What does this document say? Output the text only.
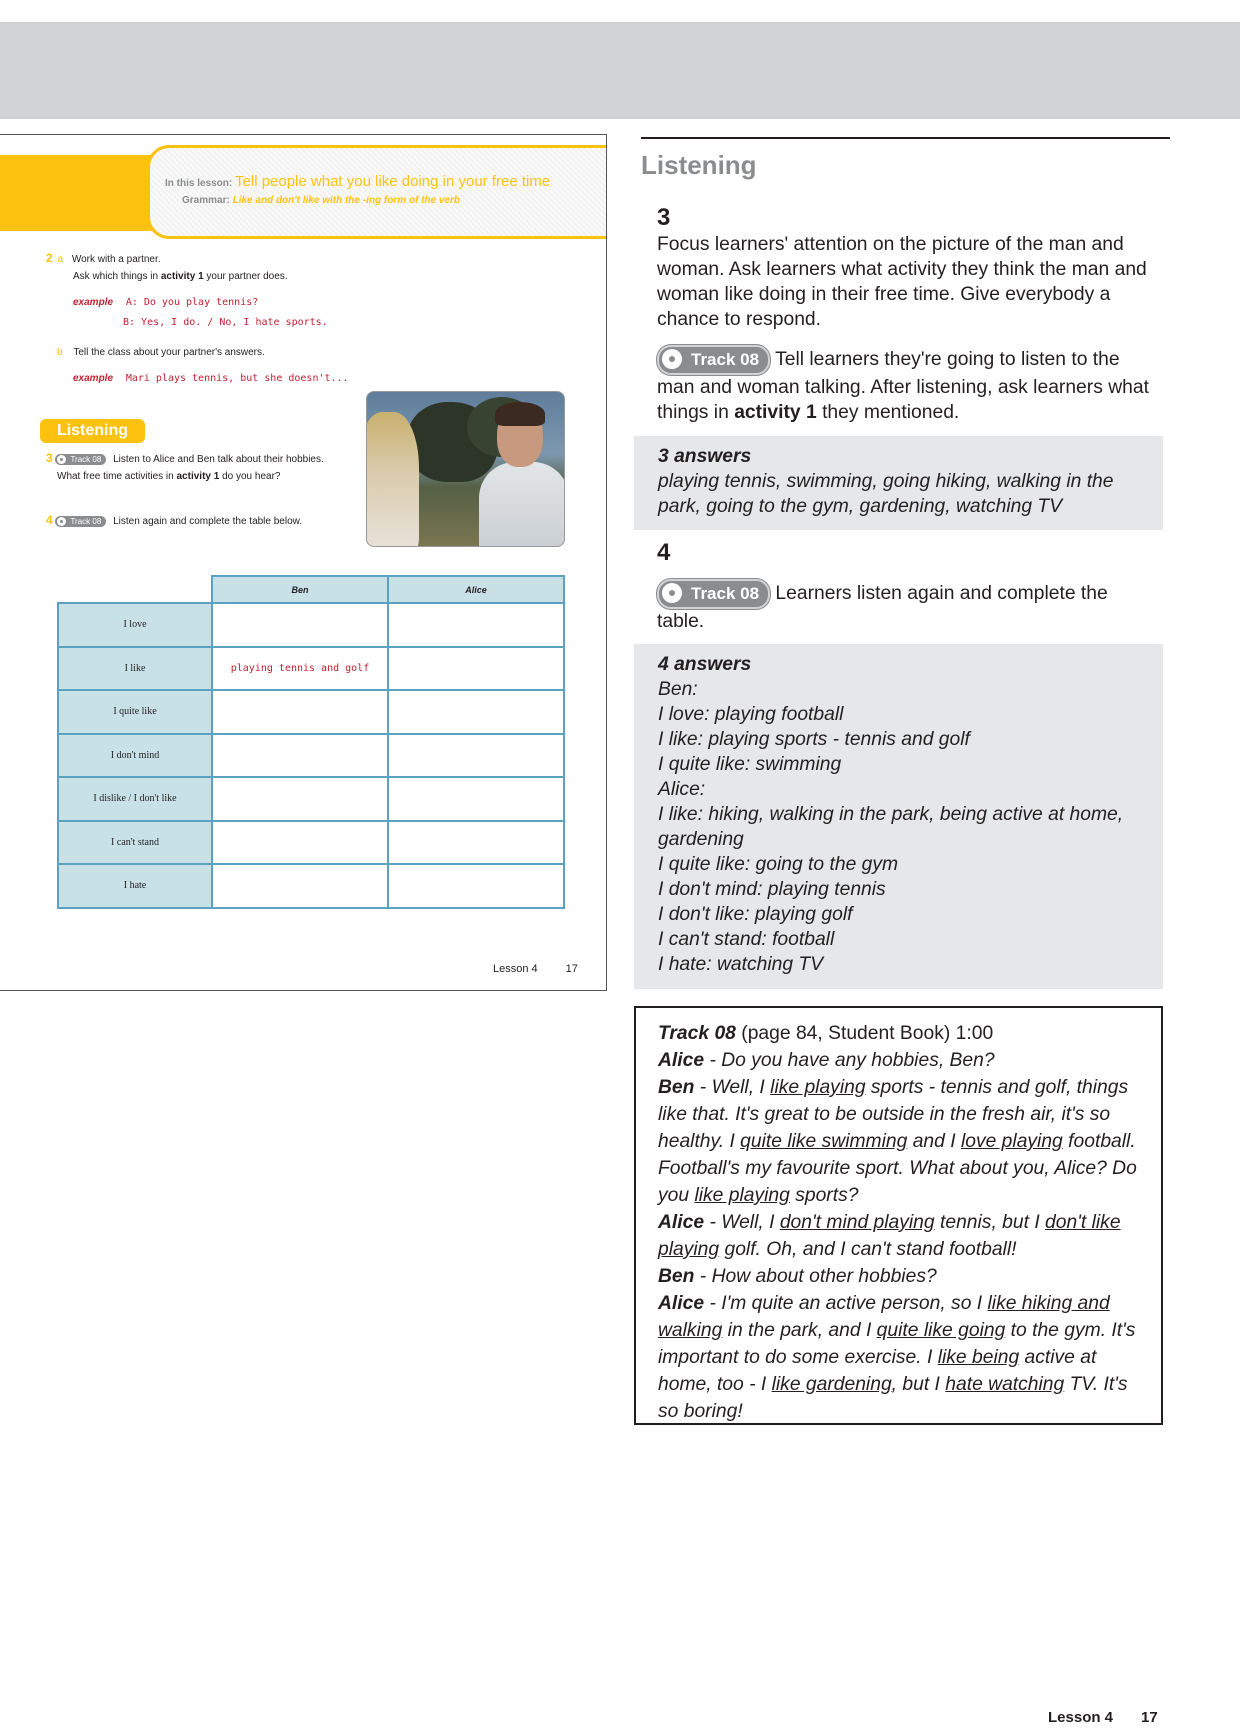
In this lesson: Tell people what you like doing in your free time
Grammar: Like and don't like with the -ing form of the verb
2 a Work with a partner.
Ask which things in activity 1 your partner does.
example A: Do you play tennis?
B: Yes, I do. / No, I hate sports.
b Tell the class about your partner's answers.
example Mari plays tennis, but she doesn't...
Listening
3 Track 08 Listen to Alice and Ben talk about their hobbies.
What free time activities in activity 1 do you hear?
4 Track 08 Listen again and complete the table below.
	Ben	Alice
I love		
I like	playing tennis and golf	
I quite like		
I don't mind		
I dislike / I don't like		
I can't stand		
I hate		
Lesson 4	17
Listening
3
Focus learners' attention on the picture of the man and woman. Ask learners what activity they think the man and woman like doing in their free time. Give everybody a chance to respond.
Track 08 Tell learners they're going to listen to the man and woman talking. After listening, ask learners what things in activity 1 they mentioned.
3 answers
playing tennis, swimming, going hiking, walking in the park, going to the gym, gardening, watching TV
4
Track 08 Learners listen again and complete the table.
4 answers
Ben:
I love: playing football
I like: playing sports - tennis and golf
I quite like: swimming
Alice:
I like: hiking, walking in the park, being active at home, gardening
I quite like: going to the gym
I don't mind: playing tennis
I don't like: playing golf
I can't stand: football
I hate: watching TV
Track 08 (page 84, Student Book) 1:00
Alice - Do you have any hobbies, Ben?
Ben - Well, I like playing sports - tennis and golf, things like that. It's great to be outside in the fresh air, it's so healthy. I quite like swimming and I love playing football. Football's my favourite sport. What about you, Alice? Do you like playing sports?
Alice - Well, I don't mind playing tennis, but I don't like playing golf. Oh, and I can't stand football!
Ben - How about other hobbies?
Alice - I'm quite an active person, so I like hiking and walking in the park, and I quite like going to the gym. It's important to do some exercise. I like being active at home, too - I like gardening, but I hate watching TV. It's so boring!
Lesson 4 17
